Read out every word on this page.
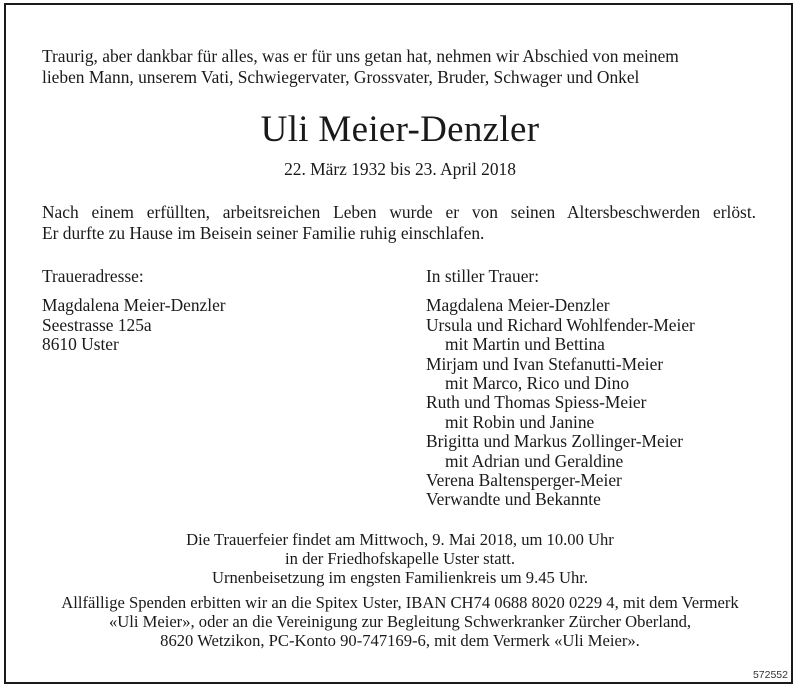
Traurig, aber dankbar für alles, was er für uns getan hat, nehmen wir Abschied von meinem
lieben Mann, unserem Vati, Schwiegervater, Grossvater, Bruder, Schwager und Onkel
Uli Meier-Denzler
22. März 1932 bis 23. April 2018
Nach einem erfüllten, arbeitsreichen Leben wurde er von seinen Altersbeschwerden erlöst.
Er durfte zu Hause im Beisein seiner Familie ruhig einschlafen.
Traueradresse:
Magdalena Meier-Denzler
Seestrasse 125a
8610 Uster
In stiller Trauer:
Magdalena Meier-Denzler
Ursula und Richard Wohlfender-Meier
mit Martin und Bettina
Mirjam und Ivan Stefanutti-Meier
mit Marco, Rico und Dino
Ruth und Thomas Spiess-Meier
mit Robin und Janine
Brigitta und Markus Zollinger-Meier
mit Adrian und Geraldine
Verena Baltensperger-Meier
Verwandte und Bekannte
Die Trauerfeier findet am Mittwoch, 9. Mai 2018, um 10.00 Uhr
in der Friedhofskapelle Uster statt.
Urnenbeisetzung im engsten Familienkreis um 9.45 Uhr.
Allfällige Spenden erbitten wir an die Spitex Uster, IBAN CH74 0688 8020 0229 4, mit dem Vermerk
«Uli Meier», oder an die Vereinigung zur Begleitung Schwerkranker Zürcher Oberland,
8620 Wetzikon, PC-Konto 90-747169-6, mit dem Vermerk «Uli Meier».
572552
